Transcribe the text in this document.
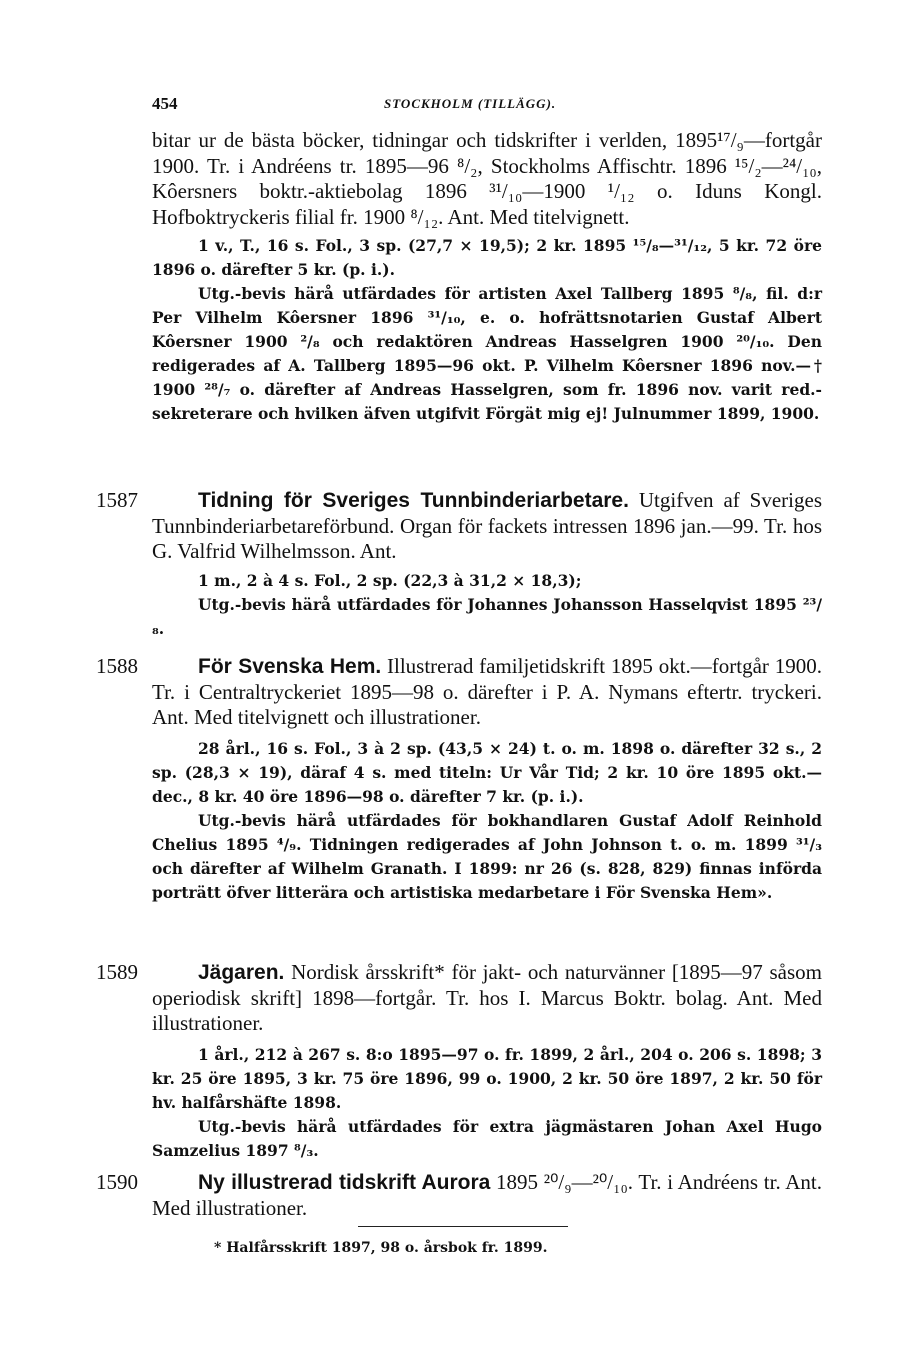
454	STOCKHOLM (TILLÄGG).

bitar ur de bästa böcker, tidningar och tidskrifter i verlden, 1895¹⁷/₉—fortgår 1900. Tr. i Andréens tr. 1895—96 ⁸/₂, Stockholms Affischtr. 1896 ¹⁵/₂—²⁴/₁₀, Kôersners boktr.-aktiebolag 1896 ³¹/₁₀—1900 ¹/₁₂ o. Iduns Kongl. Hofboktryckeris filial fr. 1900 ⁸/₁₂. Ant. Med titelvignett.

1 v., T., 16 s. Fol., 3 sp. (27,7 × 19,5); 2 kr. 1895 ¹⁵/₈—³¹/₁₂, 5 kr. 72 öre 1896 o. därefter 5 kr. (p. i.).

Utg.-bevis härå utfärdades för artisten Axel Tallberg 1895 ⁸/₈, fil. d:r Per Vilhelm Kôersner 1896 ³¹/₁₀, e. o. hofrättsnotarien Gustaf Albert Kôersner 1900 ²/₈ och redaktören Andreas Hasselgren 1900 ²⁰/₁₀. Den redigerades af A. Tallberg 1895—96 okt. P. Vilhelm Kôersner 1896 nov.—† 1900 ²⁸/₇ o. därefter af Andreas Hasselgren, som fr. 1896 nov. varit red.-sekreterare och hvilken äfven utgifvit Förgät mig ej! Julnummer 1899, 1900.

1587	Tidning för Sveriges Tunnbinderiarbetare. Utgifven af Sveriges Tunnbinderiarbetareförbund. Organ för fackets intressen 1896 jan.—99. Tr. hos G. Valfrid Wilhelmsson. Ant.

1 m., 2 à 4 s. Fol., 2 sp. (22,3 à 31,2 × 18,3);

Utg.-bevis härå utfärdades för Johannes Johansson Hasselqvist 1895 ²³/₈.

1588	För Svenska Hem. Illustrerad familjetidskrift 1895 okt.—fortgår 1900. Tr. i Centraltryckeriet 1895—98 o. därefter i P. A. Nymans eftertr. tryckeri. Ant. Med titelvignett och illustrationer.

28 årl., 16 s. Fol., 3 à 2 sp. (43,5 × 24) t. o. m. 1898 o. därefter 32 s., 2 sp. (28,3 × 19), däraf 4 s. med titeln: Ur Vår Tid; 2 kr. 10 öre 1895 okt.—dec., 8 kr. 40 öre 1896—98 o. därefter 7 kr. (p. i.).

Utg.-bevis härå utfärdades för bokhandlaren Gustaf Adolf Reinhold Chelius 1895 ⁴/₉. Tidningen redigerades af John Johnson t. o. m. 1899 ³¹/₃ och därefter af Wilhelm Granath. I 1899: nr 26 (s. 828, 829) finnas införda porträtt öfver litterära och artistiska medarbetare i För Svenska Hem».

1589	Jägaren. Nordisk årsskrift* för jakt- och naturvänner [1895—97 såsom operiodisk skrift] 1898—fortgår. Tr. hos I. Marcus Boktr. bolag. Ant. Med illustrationer.

1 årl., 212 à 267 s. 8:o 1895—97 o. fr. 1899, 2 årl., 204 o. 206 s. 1898; 3 kr. 25 öre 1895, 3 kr. 75 öre 1896, 99 o. 1900, 2 kr. 50 öre 1897, 2 kr. 50 för hv. halfårshäfte 1898.

Utg.-bevis härå utfärdades för extra jägmästaren Johan Axel Hugo Samzelius 1897 ⁸/₃.

1590	Ny illustrerad tidskrift Aurora 1895 ²⁰/₉—²⁰/₁₀. Tr. i Andréens tr. Ant. Med illustrationer.

* Halfårsskrift 1897, 98 o. årsbok fr. 1899.
